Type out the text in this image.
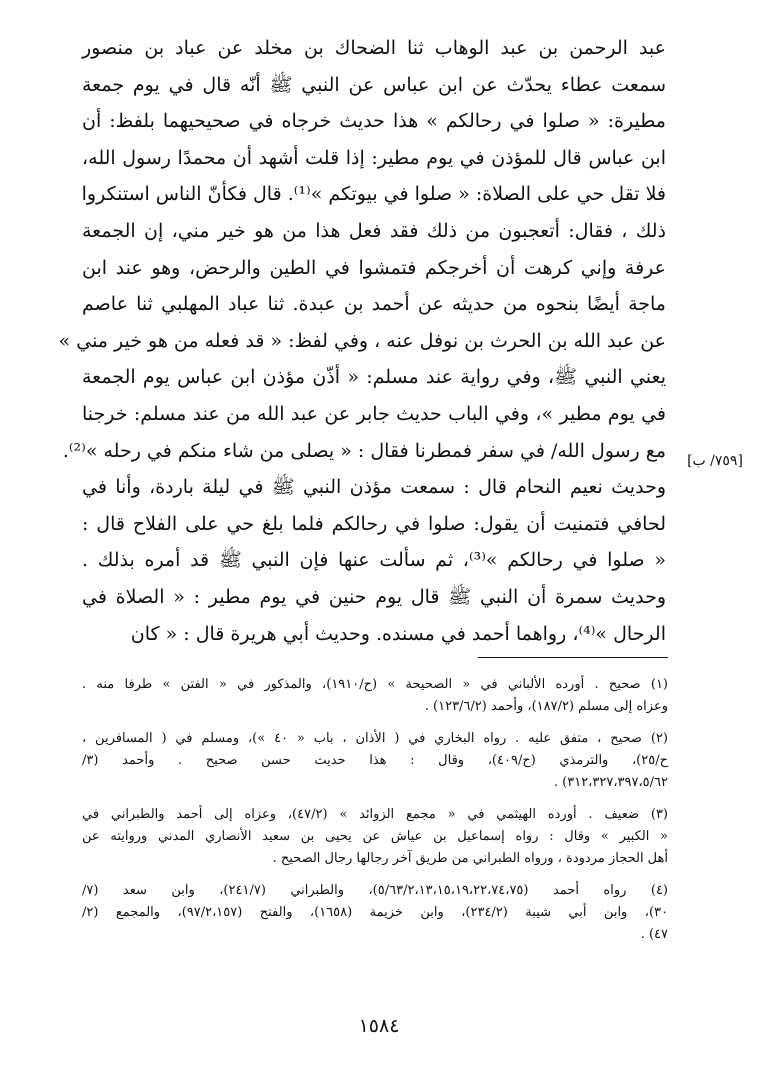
عبد الرحمن بن عبد الوهاب ثنا الضحاك بن مخلد عن عباد بن منصور
سمعت عطاء يحدّث عن ابن عباس عن النبي ﷺ أنّه قال في يوم جمعة
مطيرة: « صلوا في رحالكم » هذا حديث خرجاه في صحيحيهما بلفظ: أن
ابن عباس قال للمؤذن في يوم مطير: إذا قلت أشهد أن محمدًا رسول الله،
فلا تقل حي على الصلاة: « صلوا في بيوتكم »⁽¹⁾. قال فكأنّ الناس استنكروا
ذلك ، فقال: أتعجبون من ذلك فقد فعل هذا من هو خير مني، إن الجمعة
عرفة وإني كرهت أن أخرجكم فتمشوا في الطين والرحض، وهو عند ابن
ماجة أيضًا بنحوه من حديثه عن أحمد بن عبدة. ثنا عباد المهلبي ثنا عاصم
عن عبد الله بن الحرث بن نوفل عنه ، وفي لفظ: « قد فعله من هو خير مني »
يعني النبي ﷺ، وفي رواية عند مسلم: « أذّن مؤذن ابن عباس يوم الجمعة
في يوم مطير »، وفي الباب حديث جابر عن عبد الله من عند مسلم: خرجنا
مع رسول الله/ في سفر فمطرنا فقال : « يصلى من شاء منكم في رحله »⁽²⁾.
وحديث نعيم النحام قال : سمعت مؤذن النبي ﷺ في ليلة باردة، وأنا في
لحافي فتمنيت أن يقول: صلوا في رحالكم فلما بلغ حي على الفلاح قال :
« صلوا في رحالكم »⁽³⁾، ثم سألت عنها فإن النبي ﷺ قد أمره بذلك .
وحديث سمرة أن النبي ﷺ قال يوم حنين في يوم مطير : « الصلاة في
الرحال »⁽⁴⁾، رواهما أحمد في مسنده. وحديث أبي هريرة قال : « كان
[٧٥٩/ ب]
(١) صحيح . أورده الألباني في « الصحيحة » (ح/١٩١٠)، والمذكور في « الفتن » طرفا منه .
وعزاه إلى مسلم (١٨٧/٢)، وأحمد (١٢٣/٦/٢) .
(٢) صحيح ، متفق عليه . رواه البخاري في ( الأذان ، باب « ٤٠ »)، ومسلم في ( المسافرين ،
ح/٢٥)، والترمذي (ح/٤٠٩)، وقال : هذا حديث حسن صحيح . وأحمد (٣/
٣١٢،٣٢٧،٣٩٧،٥/٦٢) .
(٣) ضعيف . أورده الهيثمي في « مجمع الزوائد » (٤٧/٢)، وعزاه إلى أحمد والطبراني في
« الكبير » وقال : رواه إسماعيل بن عياش عن يحيى بن سعيد الأنصاري المدني وروايته عن
أهل الحجاز مردودة ، ورواه الطبراني من طريق آخر رجالها رجال الصحيح .
(٤) رواه أحمد (٥/٦٣/٢،١٣،١٥،١٩،٢٢،٧٤،٧٥)، والطبراني (٢٤١/٧)، وابن سعد (٧/
٣٠)، وابن أبي شيبة (٢٣٤/٢)، وابن خزيمة (١٦٥٨)، والفتح (٩٧/٢،١٥٧)، والمجمع (٢/
٤٧) .
١٥٨٤
